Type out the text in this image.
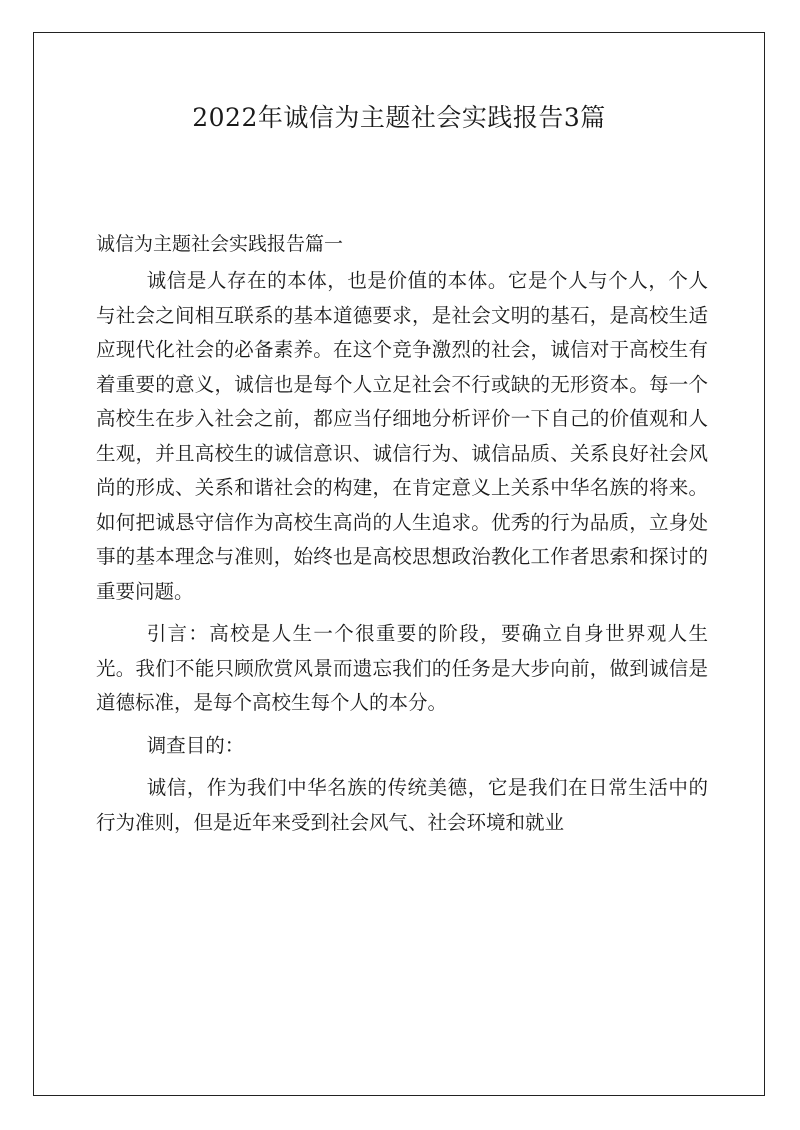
2022年诚信为主题社会实践报告3篇
诚信为主题社会实践报告篇一

诚信是人存在的本体，也是价值的本体。它是个人与个人，个人与社会之间相互联系的基本道德要求，是社会文明的基石，是高校生适应现代化社会的必备素养。在这个竞争激烈的社会，诚信对于高校生有着重要的意义，诚信也是每个人立足社会不行或缺的无形资本。每一个高校生在步入社会之前，都应当仔细地分析评价一下自己的价值观和人生观，并且高校生的诚信意识、诚信行为、诚信品质、关系良好社会风尚的形成、关系和谐社会的构建，在肯定意义上关系中华名族的将来。如何把诚恳守信作为高校生高尚的人生追求。优秀的行为品质，立身处事的基本理念与准则，始终也是高校思想政治教化工作者思索和探讨的重要问题。

引言：高校是人生一个很重要的阶段，要确立自身世界观人生光。我们不能只顾欣赏风景而遗忘我们的任务是大步向前，做到诚信是道德标准，是每个高校生每个人的本分。

调查目的：

诚信，作为我们中华名族的传统美德，它是我们在日常生活中的行为准则，但是近年来受到社会风气、社会环境和就业
